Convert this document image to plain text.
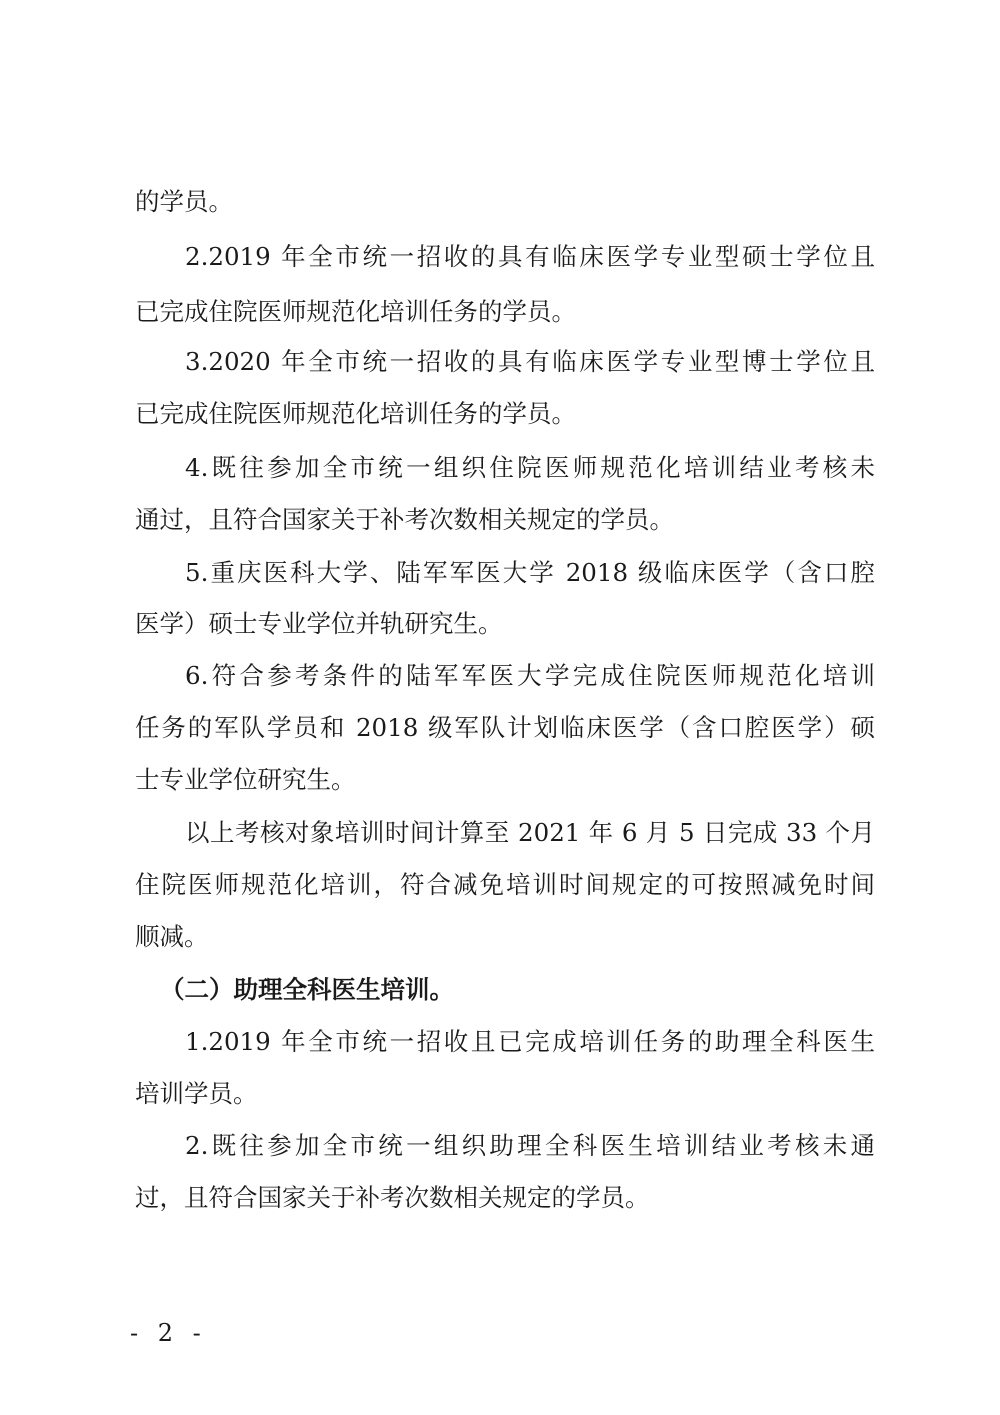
的学员。
2.2019 年全市统一招收的具有临床医学专业型硕士学位且
已完成住院医师规范化培训任务的学员。
3.2020 年全市统一招收的具有临床医学专业型博士学位且
已完成住院医师规范化培训任务的学员。
4.既往参加全市统一组织住院医师规范化培训结业考核未
通过，且符合国家关于补考次数相关规定的学员。
5.重庆医科大学、陆军军医大学 2018 级临床医学（含口腔
医学）硕士专业学位并轨研究生。
6.符合参考条件的陆军军医大学完成住院医师规范化培训
任务的军队学员和 2018 级军队计划临床医学（含口腔医学）硕
士专业学位研究生。
以上考核对象培训时间计算至 2021 年 6 月 5 日完成 33 个月
住院医师规范化培训，符合减免培训时间规定的可按照减免时间
顺减。
（二）助理全科医生培训。
1.2019 年全市统一招收且已完成培训任务的助理全科医生
培训学员。
2.既往参加全市统一组织助理全科医生培训结业考核未通
过，且符合国家关于补考次数相关规定的学员。
- 2 -
